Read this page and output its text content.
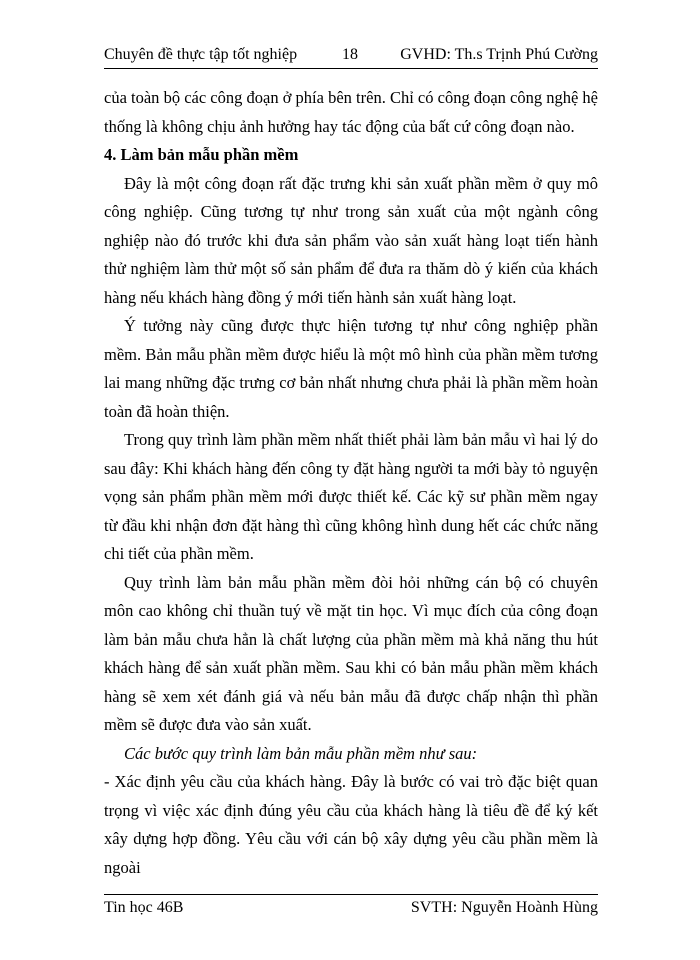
Chuyên đề thực tập tốt nghiệp	18	GVHD: Th.s Trịnh Phú Cường

của toàn bộ các công đoạn ở phía bên trên. Chỉ có công đoạn công nghệ hệ thống là không chịu ảnh hưởng hay tác động của bất cứ công đoạn nào.

4. Làm bản mẫu phần mềm

Đây là một công đoạn rất đặc trưng khi sản xuất phần mềm ở quy mô công nghiệp. Cũng tương tự như trong sản xuất của một ngành công nghiệp nào đó trước khi đưa sản phẩm vào sản xuất hàng loạt tiến hành thử nghiệm làm thử một số sản phẩm để đưa ra thăm dò ý kiến của khách hàng nếu khách hàng đồng ý mới tiến hành sản xuất hàng loạt.

Ý tưởng này cũng được thực hiện tương tự như công nghiệp phần mềm. Bản mẫu phần mềm được hiểu là một mô hình của phần mềm tương lai mang những đặc trưng cơ bản nhất nhưng chưa phải là phần mềm hoàn toàn đã hoàn thiện.

Trong quy trình làm phần mềm nhất thiết phải làm bản mẫu vì hai lý do sau đây: Khi khách hàng đến công ty đặt hàng người ta mới bày tỏ nguyện vọng sản phẩm phần mềm mới được thiết kế. Các kỹ sư phần mềm ngay từ đầu khi nhận đơn đặt hàng thì cũng không hình dung hết các chức năng chi tiết của phần mềm.

Quy trình làm bản mẫu phần mềm đòi hỏi những cán bộ có chuyên môn cao không chỉ thuần tuý về mặt tin học. Vì mục đích của công đoạn làm bản mẫu chưa hẳn là chất lượng của phần mềm mà khả năng thu hút khách hàng để sản xuất phần mềm. Sau khi có bản mẫu phần mềm khách hàng sẽ xem xét đánh giá và nếu bản mẫu đã được chấp nhận thì phần mềm sẽ được đưa vào sản xuất.

Các bước quy trình làm bản mẫu phần mềm như sau:

- Xác định yêu cầu của khách hàng. Đây là bước có vai trò đặc biệt quan trọng vì việc xác định đúng yêu cầu của khách hàng là tiêu đề để ký kết xây dựng hợp đồng. Yêu cầu với cán bộ xây dựng yêu cầu phần mềm là ngoài

Tin học 46B	SVTH: Nguyễn Hoành Hùng
